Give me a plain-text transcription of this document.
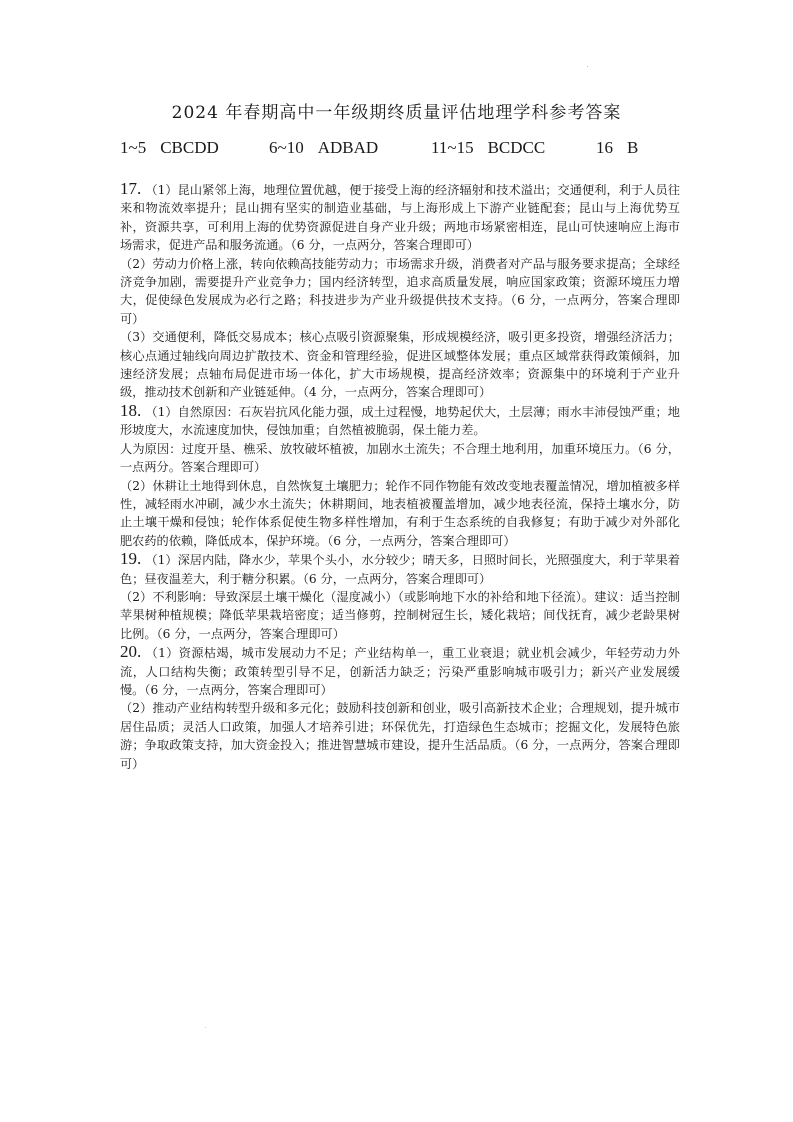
2024 年春期高中一年级期终质量评估地理学科参考答案
1~5 CBCDD	6~10 ADBAD	11~15 BCDCC	16 B

17. （1）昆山紧邻上海，地理位置优越，便于接受上海的经济辐射和技术溢出；交通便利，利于人员往来和物流效率提升；昆山拥有坚实的制造业基础，与上海形成上下游产业链配套；昆山与上海优势互补，资源共享，可利用上海的优势资源促进自身产业升级；两地市场紧密相连，昆山可快速响应上海市场需求，促进产品和服务流通。（6 分，一点两分，答案合理即可）

（2）劳动力价格上涨，转向依赖高技能劳动力；市场需求升级，消费者对产品与服务要求提高；全球经济竞争加剧，需要提升产业竞争力；国内经济转型，追求高质量发展，响应国家政策；资源环境压力增大，促使绿色发展成为必行之路；科技进步为产业升级提供技术支持。（6 分，一点两分，答案合理即可）

（3）交通便利，降低交易成本；核心点吸引资源聚集，形成规模经济，吸引更多投资，增强经济活力；核心点通过轴线向周边扩散技术、资金和管理经验，促进区域整体发展；重点区域常获得政策倾斜，加速经济发展；点轴布局促进市场一体化，扩大市场规模，提高经济效率；资源集中的环境利于产业升级，推动技术创新和产业链延伸。（4 分，一点两分，答案合理即可）

18. （1）自然原因：石灰岩抗风化能力强，成土过程慢，地势起伏大，土层薄；雨水丰沛侵蚀严重；地形坡度大，水流速度加快，侵蚀加重；自然植被脆弱，保土能力差。

人为原因：过度开垦、樵采、放牧破坏植被，加剧水土流失；不合理土地利用，加重环境压力。（6 分，一点两分。答案合理即可）

（2）休耕让土地得到休息，自然恢复土壤肥力；轮作不同作物能有效改变地表覆盖情况，增加植被多样性，减轻雨水冲刷，减少水土流失；休耕期间，地表植被覆盖增加，减少地表径流，保持土壤水分，防止土壤干燥和侵蚀；轮作体系促使生物多样性增加，有利于生态系统的自我修复；有助于减少对外部化肥农药的依赖，降低成本，保护环境。（6 分，一点两分，答案合理即可）

19. （1）深居内陆，降水少，苹果个头小，水分较少；晴天多，日照时间长，光照强度大，利于苹果着色；昼夜温差大，利于糖分积累。（6 分，一点两分，答案合理即可）

（2）不利影响：导致深层土壤干燥化（湿度减小）（或影响地下水的补给和地下径流）。建议：适当控制苹果树种植规模；降低苹果栽培密度；适当修剪，控制树冠生长，矮化栽培；间伐抚育，减少老龄果树比例。（6 分，一点两分，答案合理即可）

20. （1）资源枯竭，城市发展动力不足；产业结构单一，重工业衰退；就业机会减少，年轻劳动力外流，人口结构失衡；政策转型引导不足，创新活力缺乏；污染严重影响城市吸引力；新兴产业发展缓慢。（6 分，一点两分，答案合理即可）

（2）推动产业结构转型升级和多元化；鼓励科技创新和创业，吸引高新技术企业；合理规划，提升城市居住品质；灵活人口政策，加强人才培养引进；环保优先，打造绿色生态城市；挖掘文化，发展特色旅游；争取政策支持，加大资金投入；推进智慧城市建设，提升生活品质。（6 分，一点两分，答案合理即可）
